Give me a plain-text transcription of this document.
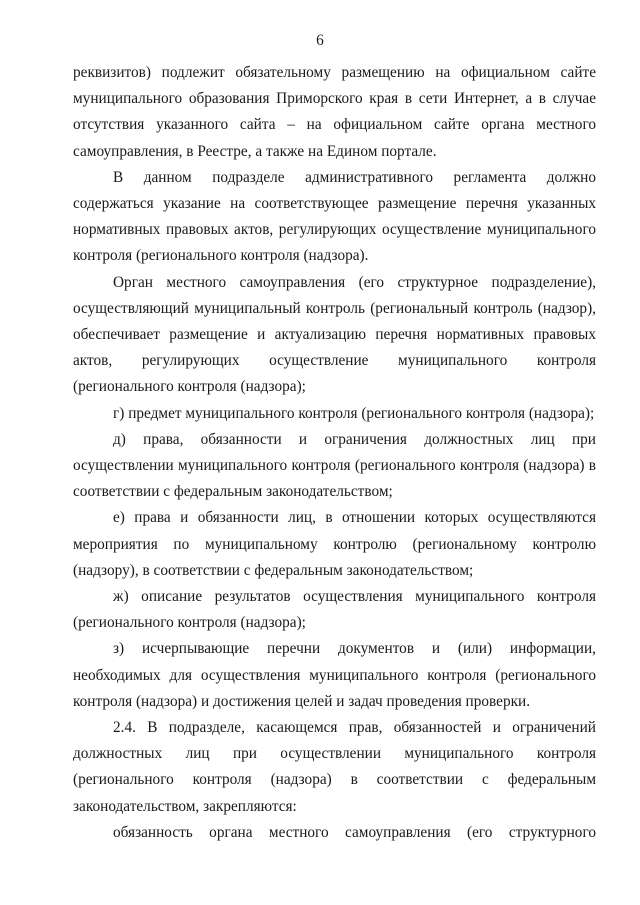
6

реквизитов) подлежит обязательному размещению на официальном сайте муниципального образования Приморского края в сети Интернет, а в случае отсутствия указанного сайта – на официальном сайте органа местного самоуправления, в Реестре, а также на Едином портале.

В данном подразделе административного регламента должно содержаться указание на соответствующее размещение перечня указанных нормативных правовых актов, регулирующих осуществление муниципального контроля (регионального контроля (надзора).

Орган местного самоуправления (его структурное подразделение), осуществляющий муниципальный контроль (региональный контроль (надзор), обеспечивает размещение и актуализацию перечня нормативных правовых актов, регулирующих осуществление муниципального контроля (регионального контроля (надзора);

г) предмет муниципального контроля (регионального контроля (надзора);

д) права, обязанности и ограничения должностных лиц при осуществлении муниципального контроля (регионального контроля (надзора) в соответствии с федеральным законодательством;

е) права и обязанности лиц, в отношении которых осуществляются мероприятия по муниципальному контролю (региональному контролю (надзору), в соответствии с федеральным законодательством;

ж) описание результатов осуществления муниципального контроля (регионального контроля (надзора);

з) исчерпывающие перечни документов и (или) информации, необходимых для осуществления муниципального контроля (регионального контроля (надзора) и достижения целей и задач проведения проверки.

2.4. В подразделе, касающемся прав, обязанностей и ограничений должностных лиц при осуществлении муниципального контроля (регионального контроля (надзора) в соответствии с федеральным законодательством, закрепляются:

обязанность органа местного самоуправления (его структурного
